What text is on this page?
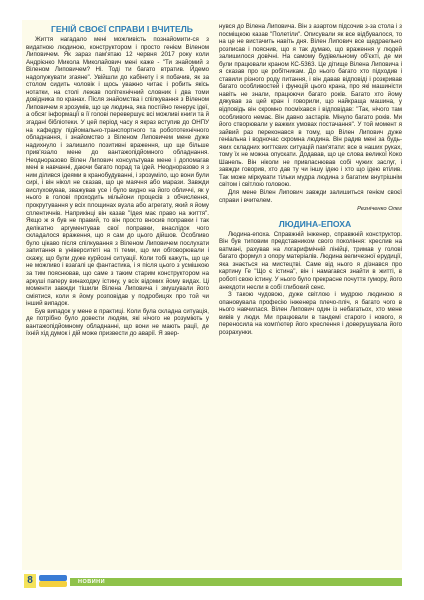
ГЕНІЙ СВОЄЇ СПРАВИ І ВЧИТЕЛЬ

Життя нагадало мені можливість познайомити-ся з видатною людиною, конструктором і просто генієм Віленом Липовичем. Як зараз пам'ятаю 12 червня 2017 року коли Андрієнко Микола Миколайович мені каже - "Ти знайомий з Віленом Липовичем? Ні. Тоді ти багато втратив. Йдемо надолужувати згаяне". Увійшли до кабінету і я побачив, як за столом сидить чоловік і щось уважно читає і робить якісь нотатки, на столі лежав політехнічний словник і два томи довідника по кранах. Після знайомства і спілкування з Віленом Липовичем я зрозумів, що це людина, яка постійно генерує ідеї, а обсяг інформації в її голові перевершує всі можливі книги та й згадані бібліотеки. У цей період часу я якраз вступив до ОНПУ на кафедру підйомально-транспортного та робототехнічного обладнання, і знайомство з Віленом Липовичем мене дуже надихнуло і залишило позитивні враження, що ще більше прив'язало мене до вантажопідйомного обладнання. Неодноразово Вілен Липович консультував мене і допомагав мені в навчанні, даючи багато порад та ідей. Неодноразово я з ним ділився ідеями в кранобудуванні, і зрозуміло, що вони були сирі, і він нікол не сказав, що це маячня або марази. Завжди вислуховував, зважував усе і було видно на його обличчі, як у нього в голові проходить мільйони процесів з обчислення, прокрутування у всіх площинах вузла або агрегату, який я йому сплентичнів. Наприкінці він казав "Ідея має право на життя". Якщо ж я був не правий, то він просто вносив поправки і так делікатно аргументував свої поправки, внаслідок чого складалося враження, що я сам до цього дійшов. Особливо було цікаво після спілкування з Віленом Липовичем послухати запитання в університеті на ті теми, що ми обговорювали і скажу, що були дуже курйозні ситуації. Коли тобі кажуть, що це не можливо і взагалі це фантастика, і я після цього з усмішкою за тим пояснював, що саме з таким старим конструктором на аркуші паперу винаходжу істину, у всіх відомих йому видах. Ці моменти завжди тішили Вілена Липовича і змушували його сміятися, коли я йому розповідав у подробицях про той чи інший випадок.

Був випадок у мене в практиці. Коли була складна ситуація, де потрібно було довести людям, які нічого не розуміють у вантажопідйомному обладнанні, що вони не мають рації, де їхній хід думок і дій може призвести до аварії. Я звер-

нувся до Вілена Липовича. Він з азартом підсочив з-за стола і з посміщкою казав "Полетіли". Описували як все відбувалося, то на це не вистачить навіть дня. Вілен Липович все щедраельно розписав і пояснив, що я так думаю, що враження у людей залишилося довічні. На самому будівельному об'єкті, де ми були працювали краном КС-5363. Це дітище Вілена Липовича і я сказав про це робітникам. До нього багато хто підходив і ставили різного роду питання, і він давав відповіді і розкривав багато особливостей і функцій цього крана, про які машиністи навіть не знали, працюючи багато років. Багато хто йому дякував за цей кран і говорили, що найкраща машина, у відповідь він скромно посміхався і відповідав: "Так, нічого там особливого немає. Він давно застарів. Мінуло багато років. Ми його створювали у важких умовах постачання". У той момент я зайвий раз переконався в тому, що Вілен Липович дуже геніальна і водночас скромна людина. Він радив мені за будь-яких складних життєвих ситуацій пам'ятати: все в наших руках, тому їх не можна опускати. Додавав, що це слова великої Коко Шанель. Він ніколи не привласнював собі чужих заслуг, і завжди говорив, хто дав ту чи іншу ідею і хто що ідею втілив. Так може міркувати тільки мудра людина з багатим внутрішнім світом і світлою головою.

Для мене Вілен Липович завжди залишиться генієм своєї справи і вчителем.

Резніченко Олег

ЛЮДИНА-ЕПОХА

Людина-епоха. Справжній інженер, справжній конструктор. Він був типовим представником свого покоління: креслив на ватмані, рахував на логарифмічній лінійці, тримав у голові багато формул з опору матеріалів. Людина величезної ерудиції, яка знається на мистецтві. Саме від нього я дізнався про картину Ге "Що є істина", він і намагався знайти в житті, в роботі свою істину. У нього було прекрасне почуття гумору, його анекдоти несли в собі глибокий сенс.

З такою чудовою, дуже світлою і мудрою людиною я опановувала професію інженера плечо-пліч, я багато чого в нього навчилася. Вілен Липович один із небагатьох, хто мене вивів у люди. Ми працювали в тандемі старого і нового, я переносила на комп'ютер його креслення і доверушувала його розрахунки.

8	НОВИНИ
